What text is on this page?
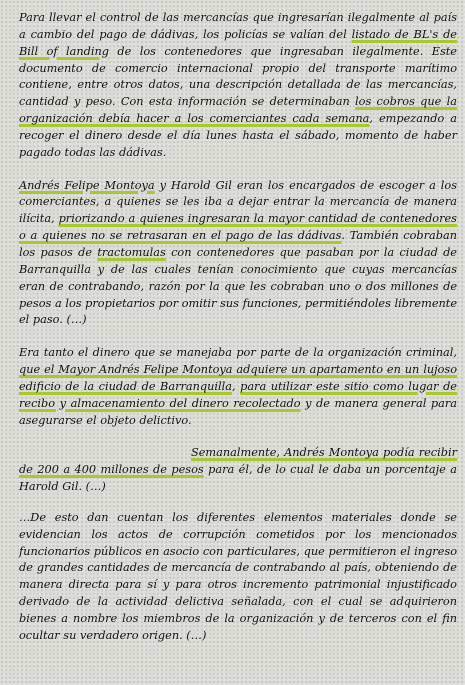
Para llevar el control de las mercancías que ingresarían ilegalmente al país a cambio del pago de dádivas, los policías se valían del listado de BL's de Bill of landing de los contenedores que ingresaban ilegalmente. Este documento de comercio internacional propio del transporte marítimo contiene, entre otros datos, una descripción detallada de las mercancías, cantidad y peso. Con esta información se determinaban los cobros que la organización debía hacer a los comerciantes cada semana, empezando a recoger el dinero desde el día lunes hasta el sábado, momento de haber pagado todas las dádivas.

Andrés Felipe Montoya y Harold Gil eran los encargados de escoger a los comerciantes, a quienes se les iba a dejar entrar la mercancía de manera ilícita, priorizando a quienes ingresaran la mayor cantidad de contenedores o a quienes no se retrasaran en el pago de las dádivas. También cobraban los pasos de tractomulas con contenedores que pasaban por la ciudad de Barranquilla y de las cuales tenían conocimiento que cuyas mercancías eran de contrabando, razón por la que les cobraban uno o dos millones de pesos a los propietarios por omitir sus funciones, permitiéndoles libremente el paso. (…)

Era tanto el dinero que se manejaba por parte de la organización criminal, que el Mayor Andrés Felipe Montoya adquiere un apartamento en un lujoso edificio de la ciudad de Barranquilla, para utilizar este sitio como lugar de recibo y almacenamiento del dinero recolectado y de manera general para asegurarse el objeto delictivo.

Semanalmente, Andrés Montoya podía recibir de 200 a 400 millones de pesos para él, de lo cual le daba un porcentaje a Harold Gil. (…)

…De esto dan cuentan los diferentes elementos materiales donde se evidencian los actos de corrupción cometidos por los mencionados funcionarios públicos en asocio con particulares, que permitieron el ingreso de grandes cantidades de mercancía de contrabando al país, obteniendo de manera directa para sí y para otros incremento patrimonial injustificado derivado de la actividad delictiva señalada, con el cual se adquirieron bienes a nombre los miembros de la organización y de terceros con el fin ocultar su verdadero origen. (…)
